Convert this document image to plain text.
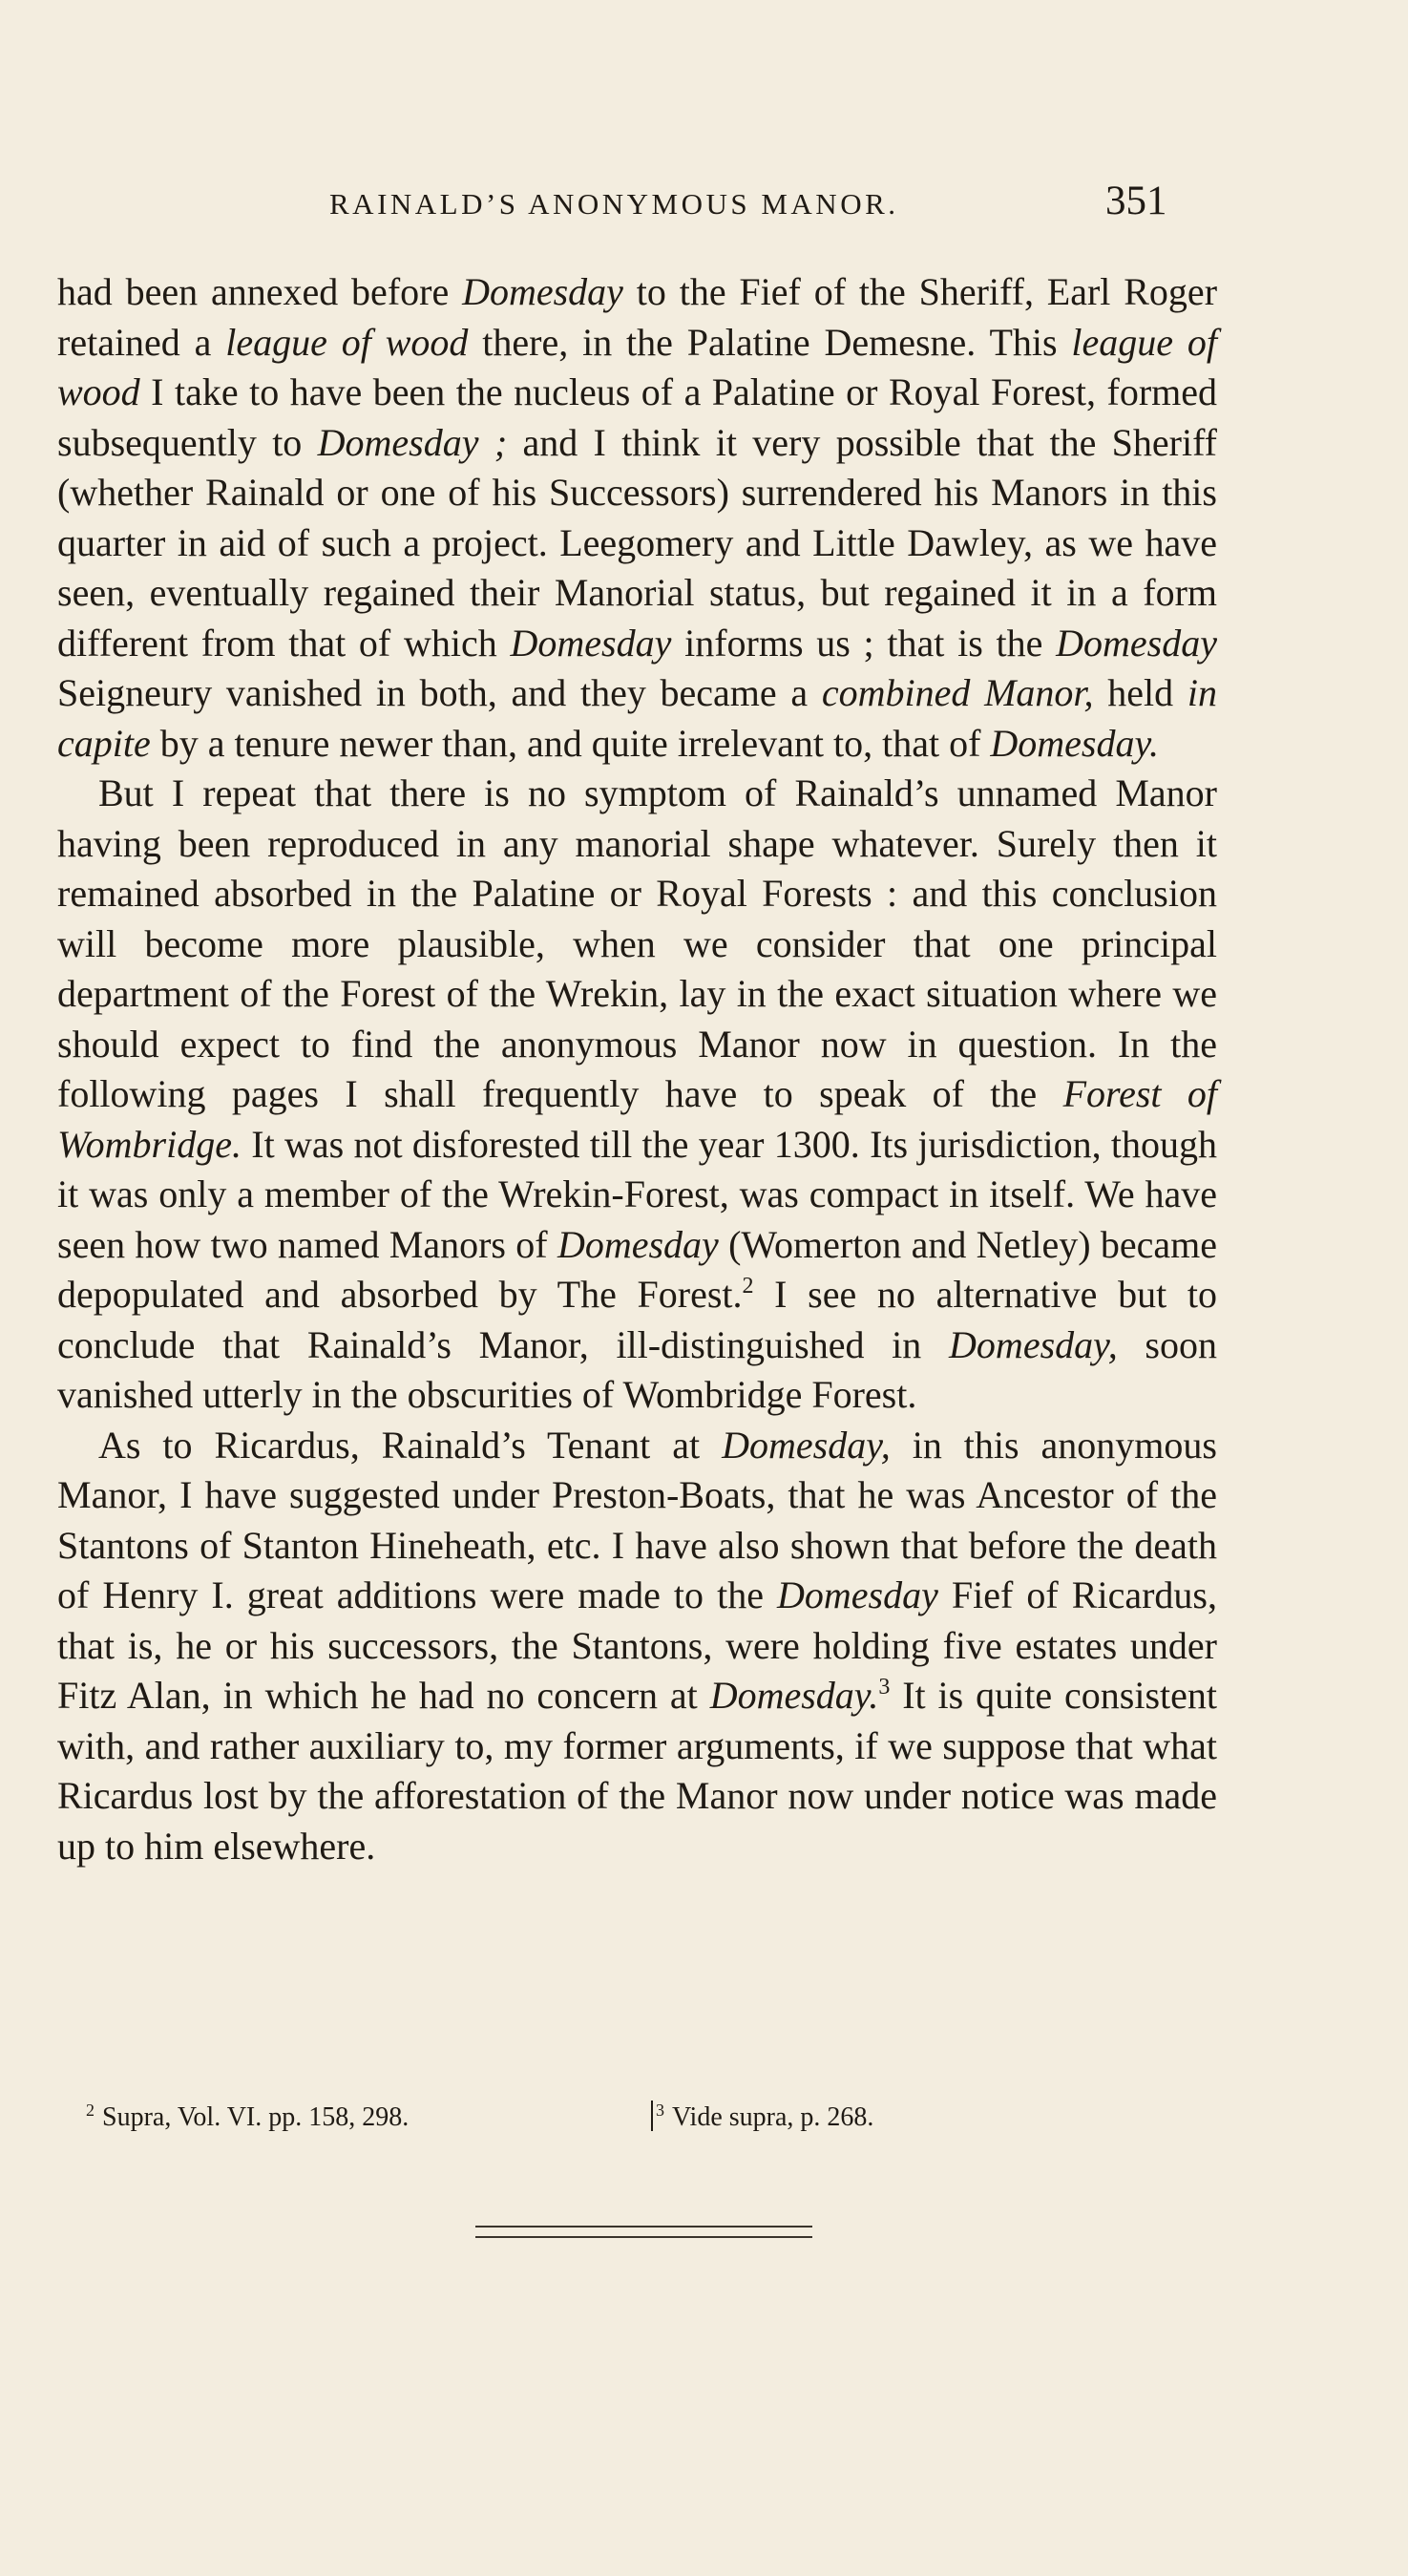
RAINALD’S ANONYMOUS MANOR.	351

had been annexed before Domesday to the Fief of the Sheriff, Earl Roger retained a league of wood there, in the Palatine Demesne. This league of wood I take to have been the nucleus of a Palatine or Royal Forest, formed subsequently to Domesday ; and I think it very possible that the Sheriff (whether Rainald or one of his Successors) surrendered his Manors in this quarter in aid of such a project. Leegomery and Little Dawley, as we have seen, eventually regained their Manorial status, but regained it in a form different from that of which Domesday informs us ; that is the Domesday Seigneury vanished in both, and they became a combined Manor, held in capite by a tenure newer than, and quite irrelevant to, that of Domesday.

But I repeat that there is no symptom of Rainald’s unnamed Manor having been reproduced in any manorial shape whatever. Surely then it remained absorbed in the Palatine or Royal Forests : and this conclusion will become more plausible, when we consider that one principal department of the Forest of the Wrekin, lay in the exact situation where we should expect to find the anonymous Manor now in question. In the following pages I shall frequently have to speak of the Forest of Wombridge. It was not disforested till the year 1300. Its jurisdiction, though it was only a member of the Wrekin-Forest, was compact in itself. We have seen how two named Manors of Domesday (Womerton and Netley) became depopulated and absorbed by The Forest.$^2$ I see no alternative but to conclude that Rainald’s Manor, ill-distinguished in Domesday, soon vanished utterly in the obscurities of Wombridge Forest.

As to Ricardus, Rainald’s Tenant at Domesday, in this anonymous Manor, I have suggested under Preston-Boats, that he was Ancestor of the Stantons of Stanton Hineheath, etc. I have also shown that before the death of Henry I. great additions were made to the Domesday Fief of Ricardus, that is, he or his successors, the Stantons, were holding five estates under Fitz Alan, in which he had no concern at Domesday.$^3$ It is quite consistent with, and rather auxiliary to, my former arguments, if we suppose that what Ricardus lost by the afforestation of the Manor now under notice was made up to him elsewhere.

$^2$ Supra, Vol. VI. pp. 158, 298.	$^3$ Vide supra, p. 268.
